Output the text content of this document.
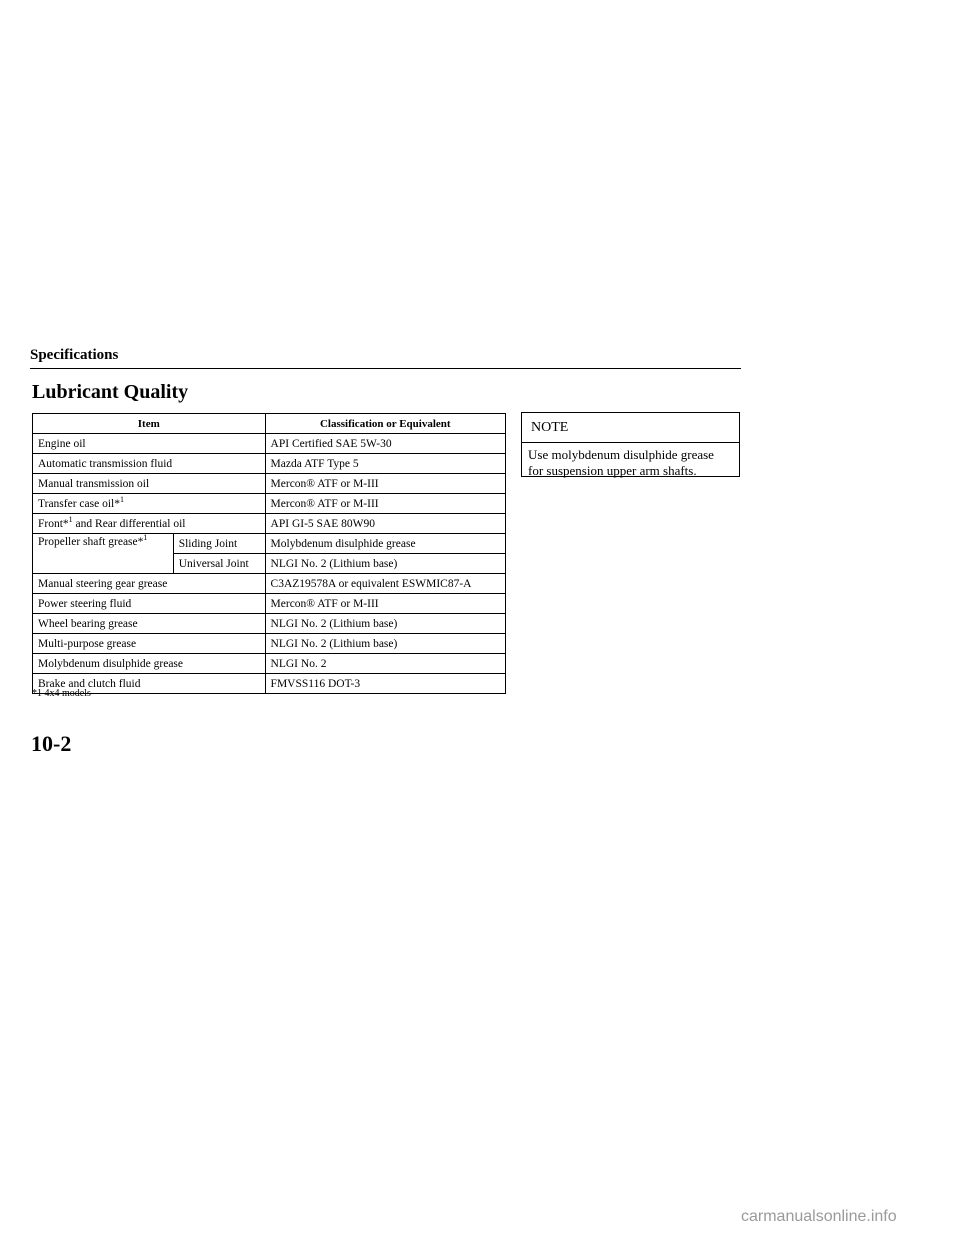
Specifications
Lubricant Quality
Item		Classification or Equivalent
Engine oil		API Certified SAE 5W-30
Automatic transmission fluid		Mazda ATF Type 5
Manual transmission oil		Mercon® ATF or M-III
Transfer case oil*$^1$		Mercon® ATF or M-III
Front*$^1$ and Rear differential oil		API GI-5 SAE 80W90
Propeller shaft grease*$^1$	Sliding Joint	Molybdenum disulphide grease
	Universal Joint	NLGI No. 2 (Lithium base)
Manual steering gear grease		C3AZ19578A or equivalent ESWMIC87-A
Power steering fluid		Mercon® ATF or M-III
Wheel bearing grease		NLGI No. 2 (Lithium base)
Multi-purpose grease		NLGI No. 2 (Lithium base)
Molybdenum disulphide grease		NLGI No. 2
Brake and clutch fluid		FMVSS116 DOT-3
*1 4x4 models
NOTE
Use molybdenum disulphide grease
for suspension upper arm shafts.
10-2
carmanualsonline.info
